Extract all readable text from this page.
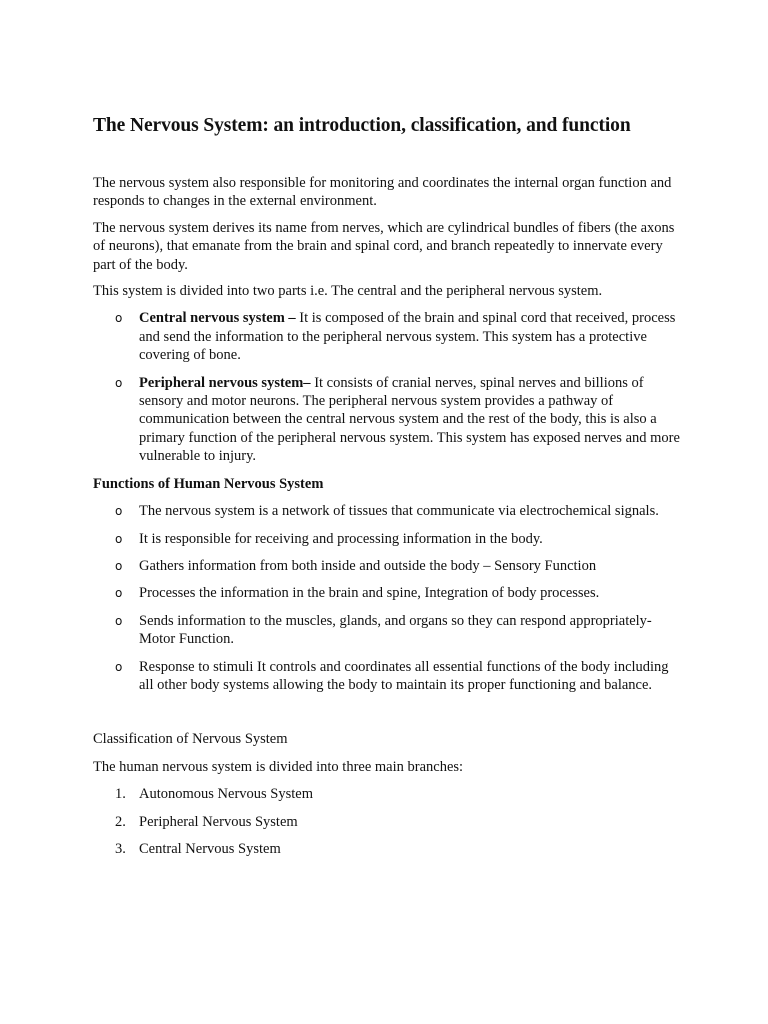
The Nervous System: an introduction, classification, and function

The nervous system also responsible for monitoring and coordinates the internal organ function and responds to changes in the external environment.

The nervous system derives its name from nerves, which are cylindrical bundles of fibers (the axons of neurons), that emanate from the brain and spinal cord, and branch repeatedly to innervate every part of the body.

This system is divided into two parts i.e. The central and the peripheral nervous system.

o Central nervous system – It is composed of the brain and spinal cord that received, process and send the information to the peripheral nervous system. This system has a protective covering of bone.
o Peripheral nervous system– It consists of cranial nerves, spinal nerves and billions of sensory and motor neurons. The peripheral nervous system provides a pathway of communication between the central nervous system and the rest of the body, this is also a primary function of the peripheral nervous system. This system has exposed nerves and more vulnerable to injury.

Functions of Human Nervous System

o The nervous system is a network of tissues that communicate via electrochemical signals.
o It is responsible for receiving and processing information in the body.
o Gathers information from both inside and outside the body – Sensory Function
o Processes the information in the brain and spine, Integration of body processes.
o Sends information to the muscles, glands, and organs so they can respond appropriately- Motor Function.
o Response to stimuli It controls and coordinates all essential functions of the body including all other body systems allowing the body to maintain its proper functioning and balance.

Classification of Nervous System

The human nervous system is divided into three main branches:

1. Autonomous Nervous System
2. Peripheral Nervous System
3. Central Nervous System
